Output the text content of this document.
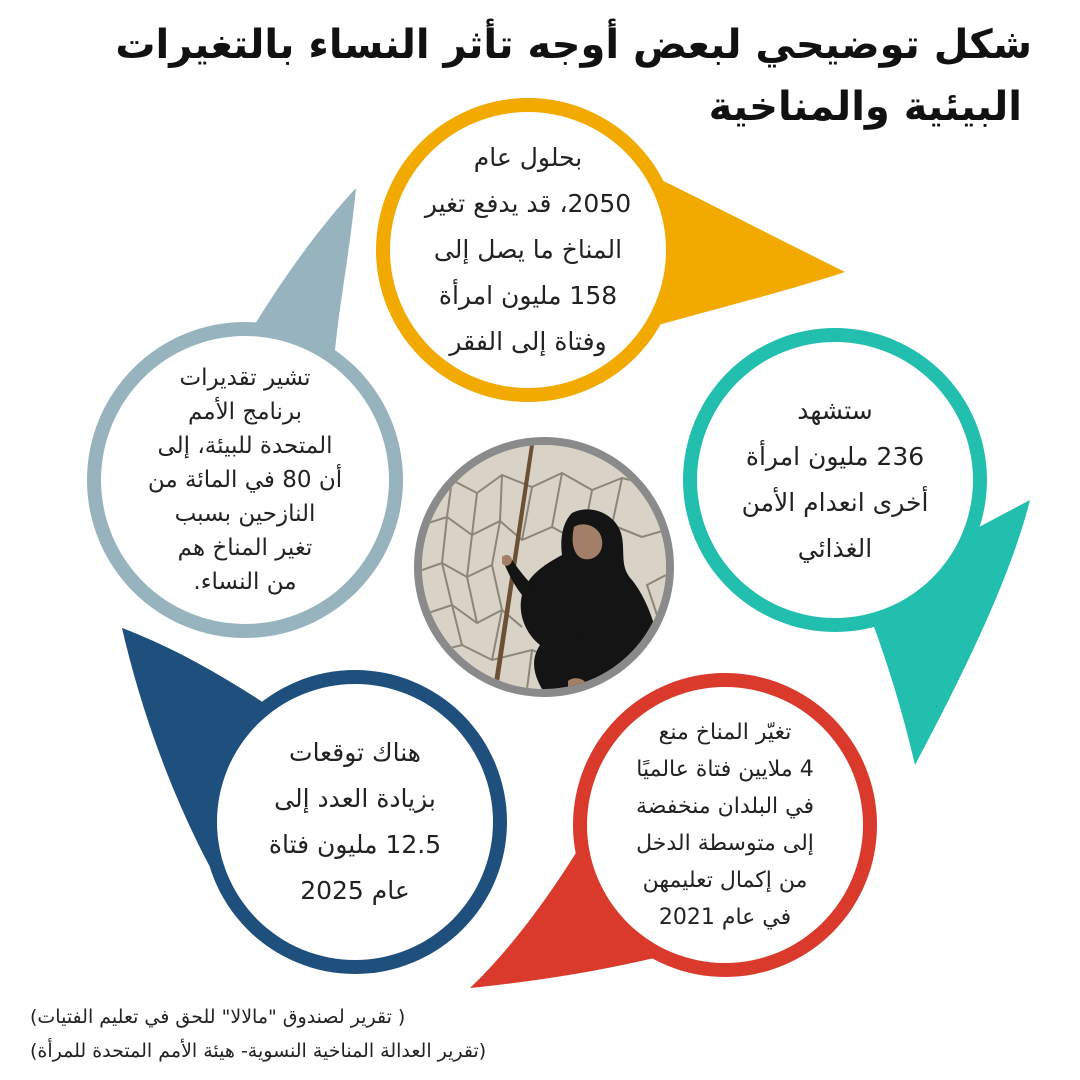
شكل توضيحي لبعض أوجه تأثر النساء بالتغيرات
البيئية والمناخية
بحلول عام
2050، قد يدفع تغير
المناخ ما يصل إلى
158 مليون امرأة
وفتاة إلى الفقر
ستشهد
236 مليون امرأة
أخرى انعدام الأمن
الغذائي
تغيّر المناخ منع
4 ملايين فتاة عالميًا
في البلدان منخفضة
إلى متوسطة الدخل
من إكمال تعليمهن
في عام 2021
هناك توقعات
بزيادة العدد إلى
12.5 مليون فتاة
عام 2025
تشير تقديرات
برنامج الأمم
المتحدة للبيئة، إلى
أن 80 في المائة من
النازحين بسبب
تغير المناخ هم
من النساء.
( تقرير لصندوق "مالالا" للحق في تعليم الفتيات)
(تقرير العدالة المناخية النسوية- هيئة الأمم المتحدة للمرأة)
